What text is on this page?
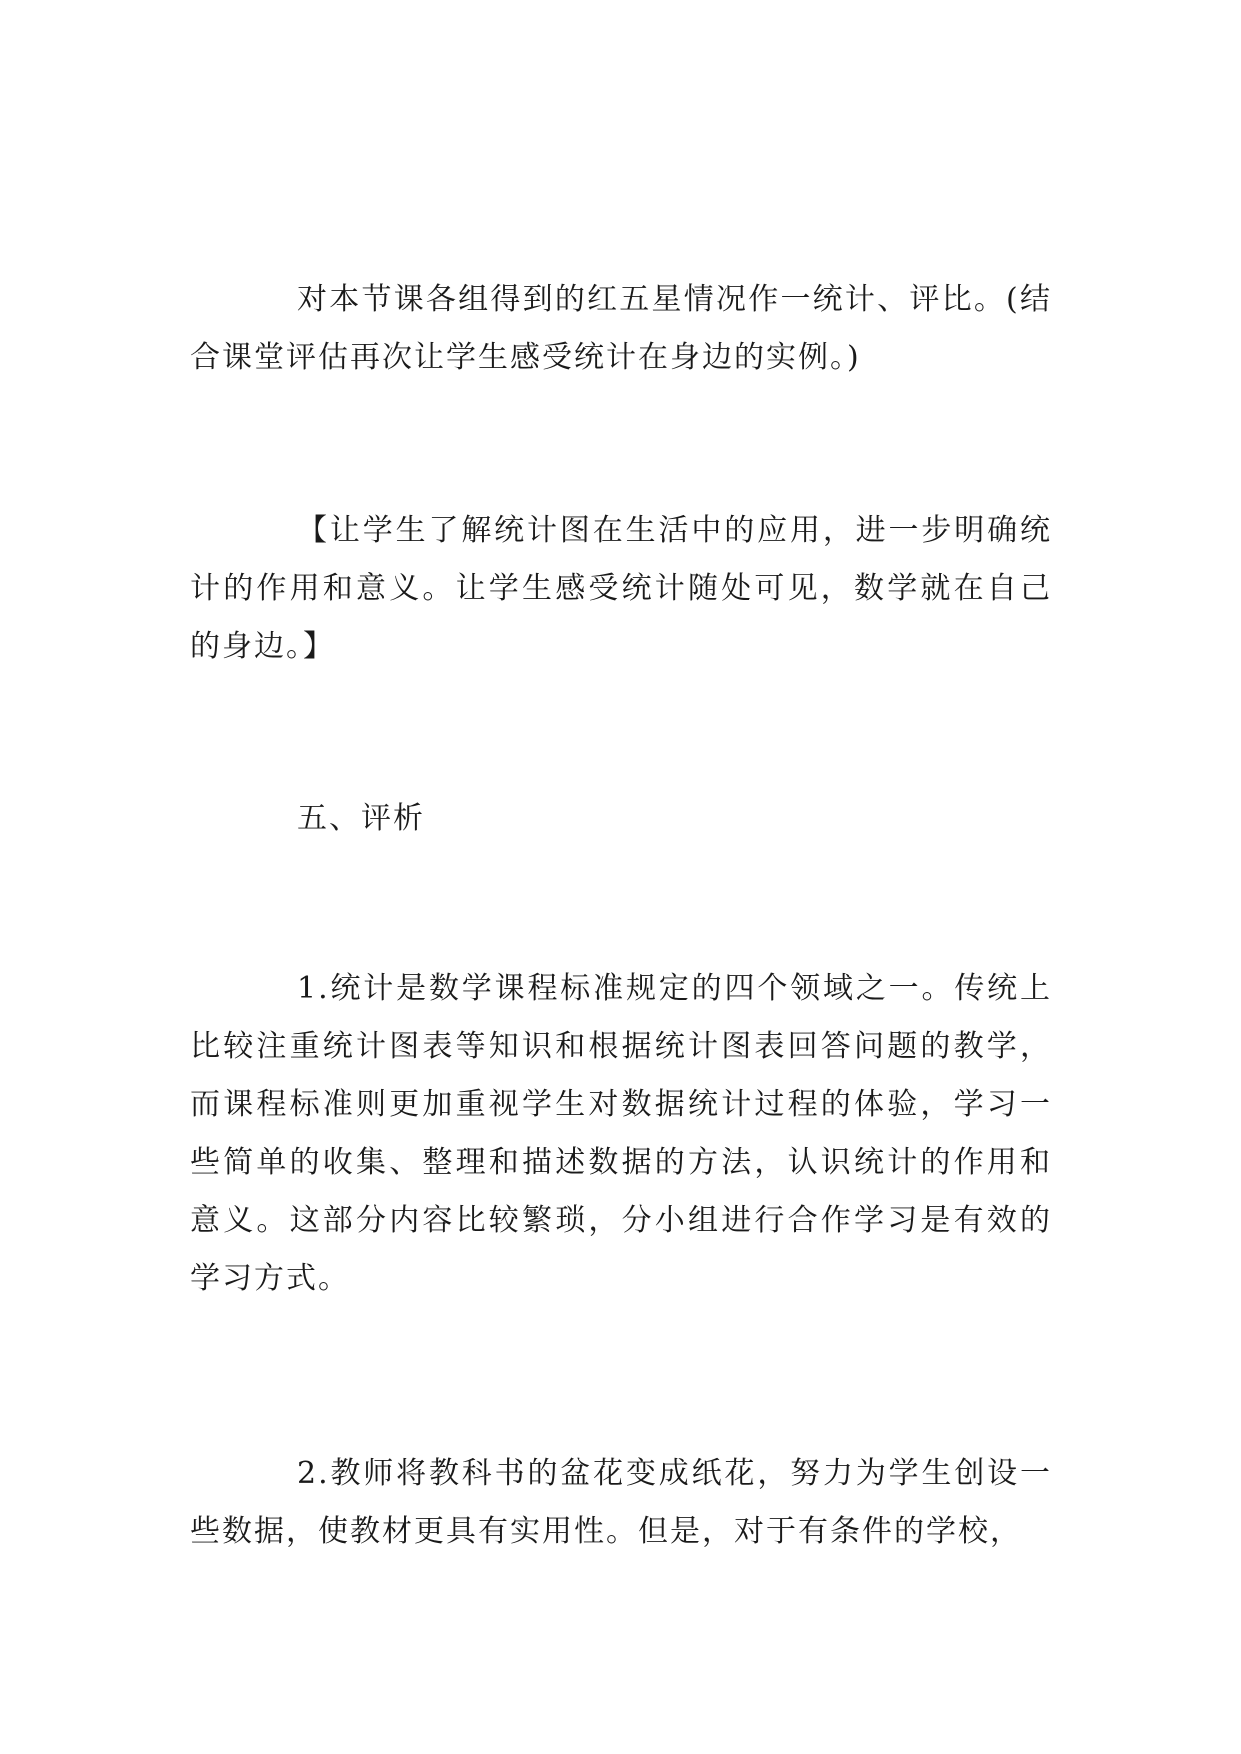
对本节课各组得到的红五星情况作一统计、评比。(结合课堂评估再次让学生感受统计在身边的实例。)

【让学生了解统计图在生活中的应用，进一步明确统计的作用和意义。让学生感受统计随处可见，数学就在自己的身边。】

五、评析

1.统计是数学课程标准规定的四个领域之一。传统上比较注重统计图表等知识和根据统计图表回答问题的教学，而课程标准则更加重视学生对数据统计过程的体验，学习一些简单的收集、整理和描述数据的方法，认识统计的作用和意义。这部分内容比较繁琐，分小组进行合作学习是有效的学习方式。

2.教师将教科书的盆花变成纸花，努力为学生创设一些数据，使教材更具有实用性。但是，对于有条件的学校，
